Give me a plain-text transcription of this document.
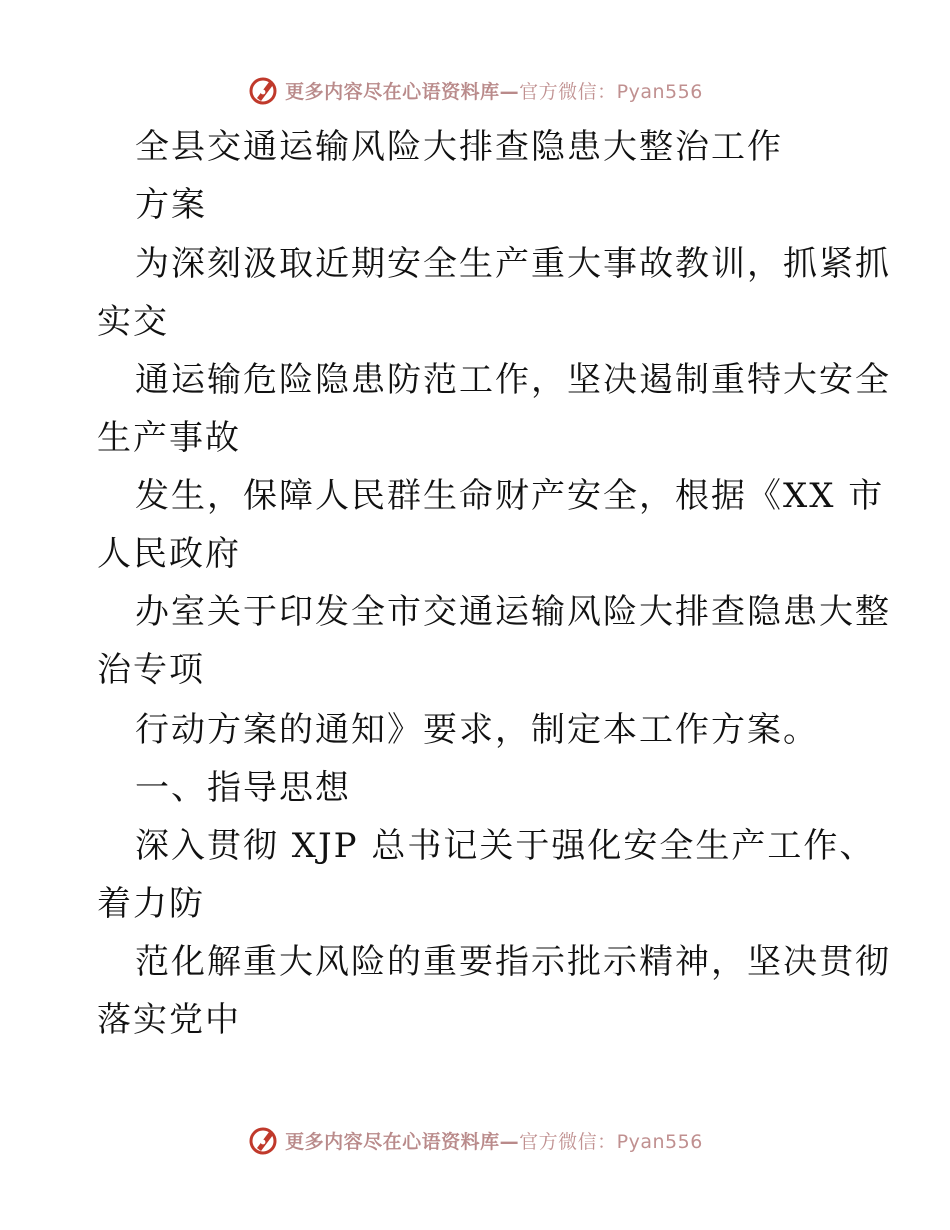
更多内容尽在心语资料库—官方微信：Pyan556
全县交通运输风险大排查隐患大整治工作
方案
为深刻汲取近期安全生产重大事故教训，抓紧抓
实交
通运输危险隐患防范工作，坚决遏制重特大安全
生产事故
发生，保障人民群生命财产安全，根据《XX 市
人民政府
办室关于印发全市交通运输风险大排查隐患大整
治专项
行动方案的通知》要求，制定本工作方案。
一、指导思想
深入贯彻 XJP 总书记关于强化安全生产工作、
着力防
范化解重大风险的重要指示批示精神，坚决贯彻
落实党中
更多内容尽在心语资料库—官方微信：Pyan556
